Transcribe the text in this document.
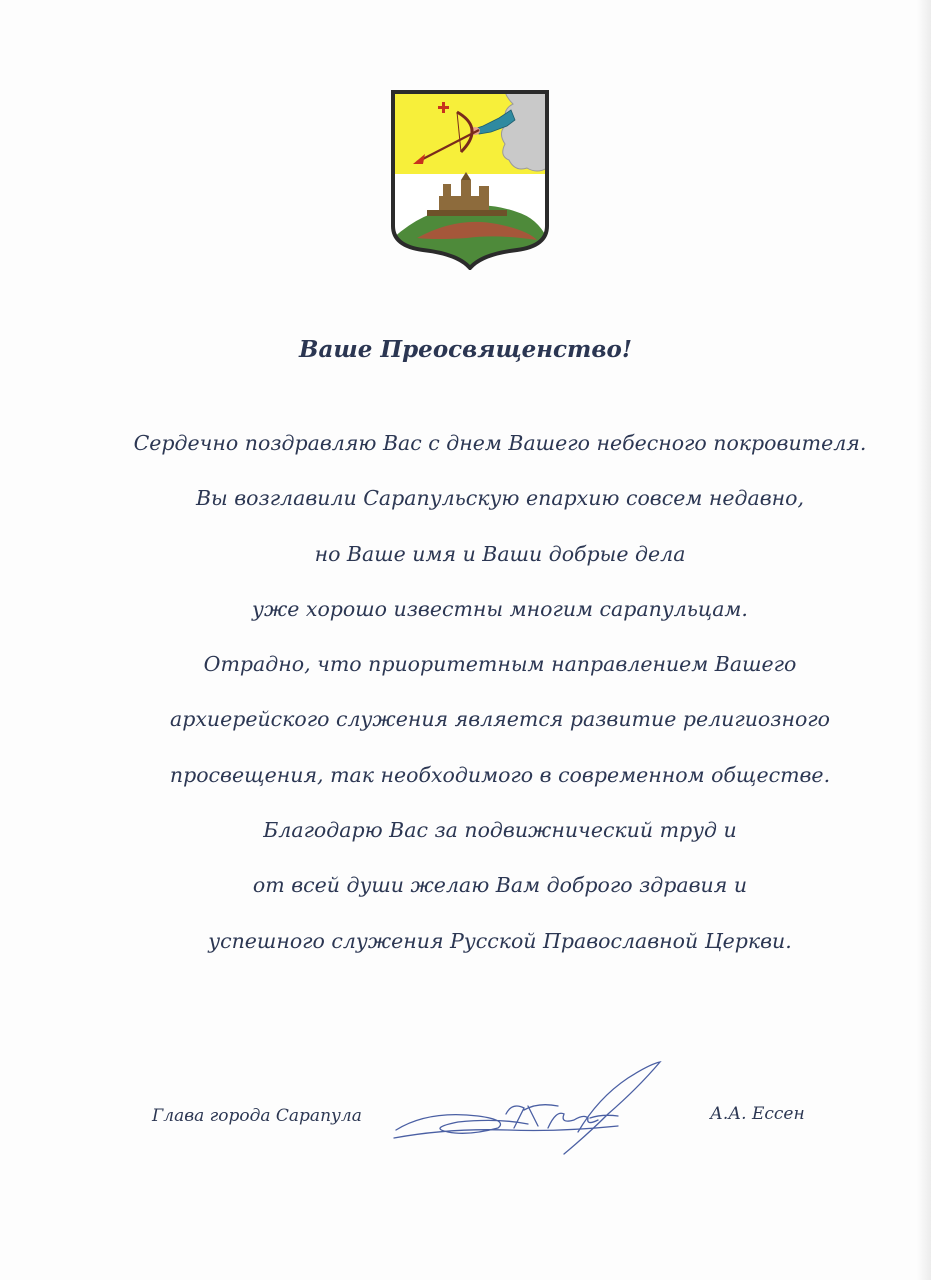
Ваше Преосвященство!
Сердечно поздравляю Вас с днем Вашего небесного покровителя.
Вы возглавили Сарапульскую епархию совсем недавно,
но Ваше имя и Ваши добрые дела
уже хорошо известны многим сарапульцам.
Отрадно, что приоритетным направлением Вашего
архиерейского служения является развитие религиозного
просвещения, так необходимого в современном обществе.
Благодарю Вас за подвижнический труд и
от всей души желаю Вам доброго здравия и
успешного служения Русской Православной Церкви.
Глава города Сарапула	А.А. Ессен
